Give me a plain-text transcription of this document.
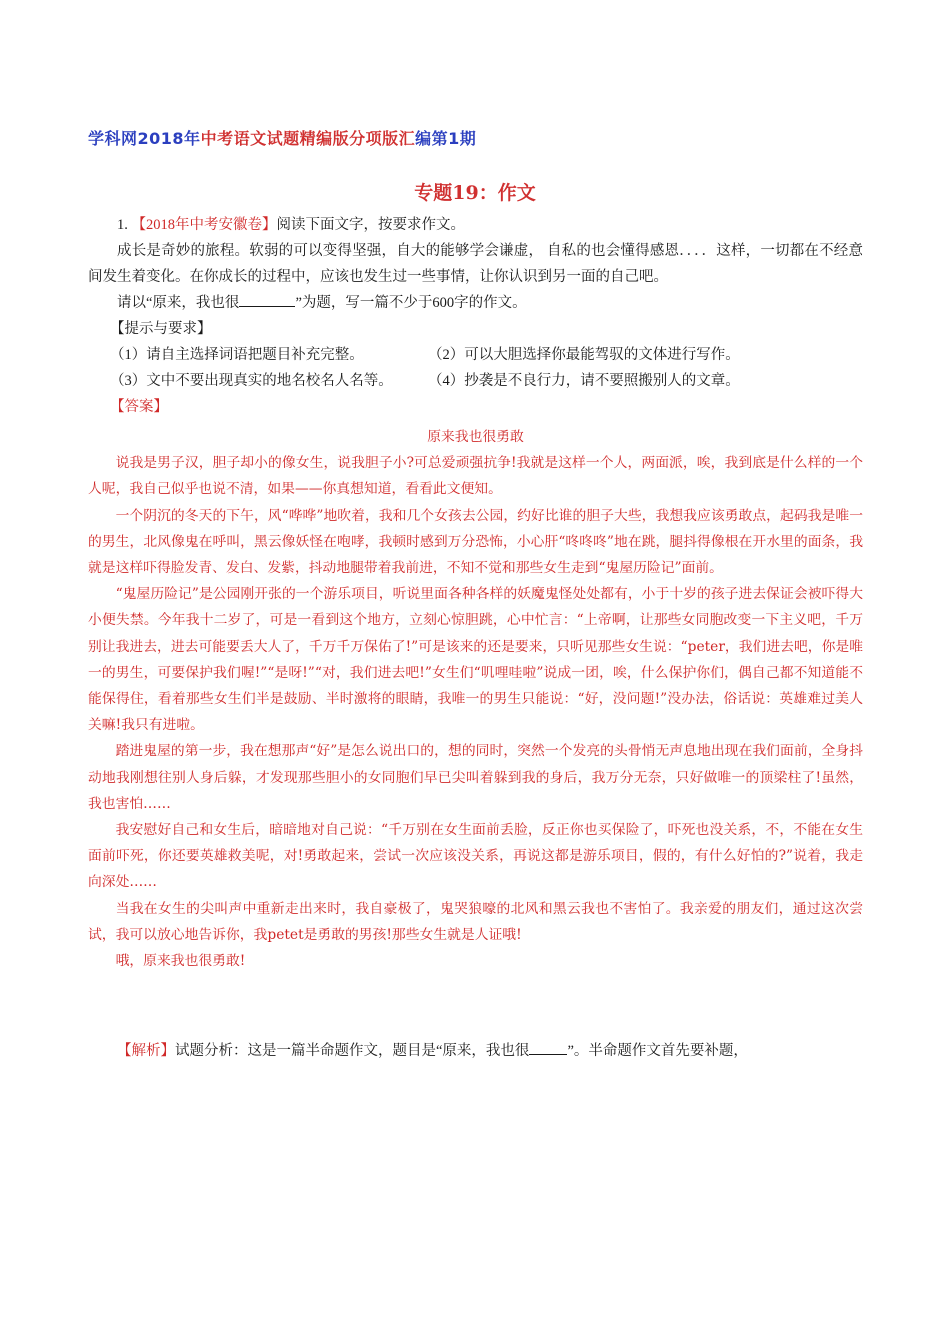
学科网2018年中考语文试题精编版分项版汇编第1期
专题19：作文

1. 【2018年中考安徽卷】阅读下面文字，按要求作文。

成长是奇妙的旅程。软弱的可以变得坚强，自大的能够学会谦虚， 自私的也会懂得感恩．．．．这样，一切都在不经意间发生着变化。在你成长的过程中，应该也发生过一些事情，让你认识到另一面的自己吧。

请以“原来，我也很	”为题，写一篇不少于600字的作文。

【提示与要求】

（1）请自主选择词语把题目补充完整。	（2）可以大胆选择你最能驾驭的文体进行写作。

（3）文中不要出现真实的地名校名人名等。 （4）抄袭是不良行力，请不要照搬别人的文章。

【答案】

原来我也很勇敢

说我是男子汉，胆子却小的像女生，说我胆子小?可总爱顽强抗争!我就是这样一个人，两面派，唉，我到底是什么样的一个人呢，我自己似乎也说不清，如果——你真想知道，看看此文便知。

一个阴沉的冬天的下午，风“哗哗”地吹着，我和几个女孩去公园，约好比谁的胆子大些，我想我应该勇敢点，起码我是唯一的男生，北风像鬼在呼叫，黑云像妖怪在咆哮，我顿时感到万分恐怖，小心肝“咚咚咚”地在跳，腿抖得像根在开水里的面条，我就是这样吓得脸发青、发白、发紫，抖动地腿带着我前进，不知不觉和那些女生走到“鬼屋历险记”面前。

“鬼屋历险记”是公园刚开张的一个游乐项目，听说里面各种各样的妖魔鬼怪处处都有，小于十岁的孩子进去保证会被吓得大小便失禁。今年我十二岁了，可是一看到这个地方，立刻心惊胆跳，心中忙言：“上帝啊，让那些女同胞改变一下主义吧，千万别让我进去，进去可能要丢大人了，千万千万保佑了!”可是该来的还是要来，只听见那些女生说：“peter，我们进去吧，你是唯一的男生，可要保护我们喔!”“是呀!”“对，我们进去吧!”女生们“叽哩哇啦”说成一团，唉，什么保护你们，偶自己都不知道能不能保得住，看着那些女生们半是鼓励、半时激将的眼睛，我唯一的男生只能说：“好，没问题!”没办法，俗话说：英雄难过美人关嘛!我只有进啦。

踏进鬼屋的第一步，我在想那声“好”是怎么说出口的，想的同时，突然一个发亮的头骨悄无声息地出现在我们面前，全身抖动地我刚想往别人身后躲，才发现那些胆小的女同胞们早已尖叫着躲到我的身后，我万分无奈，只好做唯一的顶梁柱了!虽然，我也害怕……

我安慰好自己和女生后，暗暗地对自己说：“千万别在女生面前丢脸，反正你也买保险了，吓死也没关系，不，不能在女生面前吓死，你还要英雄救美呢，对!勇敢起来，尝试一次应该没关系，再说这都是游乐项目，假的，有什么好怕的?”说着，我走向深处……

当我在女生的尖叫声中重新走出来时，我自豪极了，鬼哭狼嚎的北风和黑云我也不害怕了。我亲爱的朋友们，通过这次尝试，我可以放心地告诉你，我petet是勇敢的男孩!那些女生就是人证哦!

哦，原来我也很勇敢!

【解析】试题分析：这是一篇半命题作文，题目是“原来，我也很	”。半命题作文首先要补题，
